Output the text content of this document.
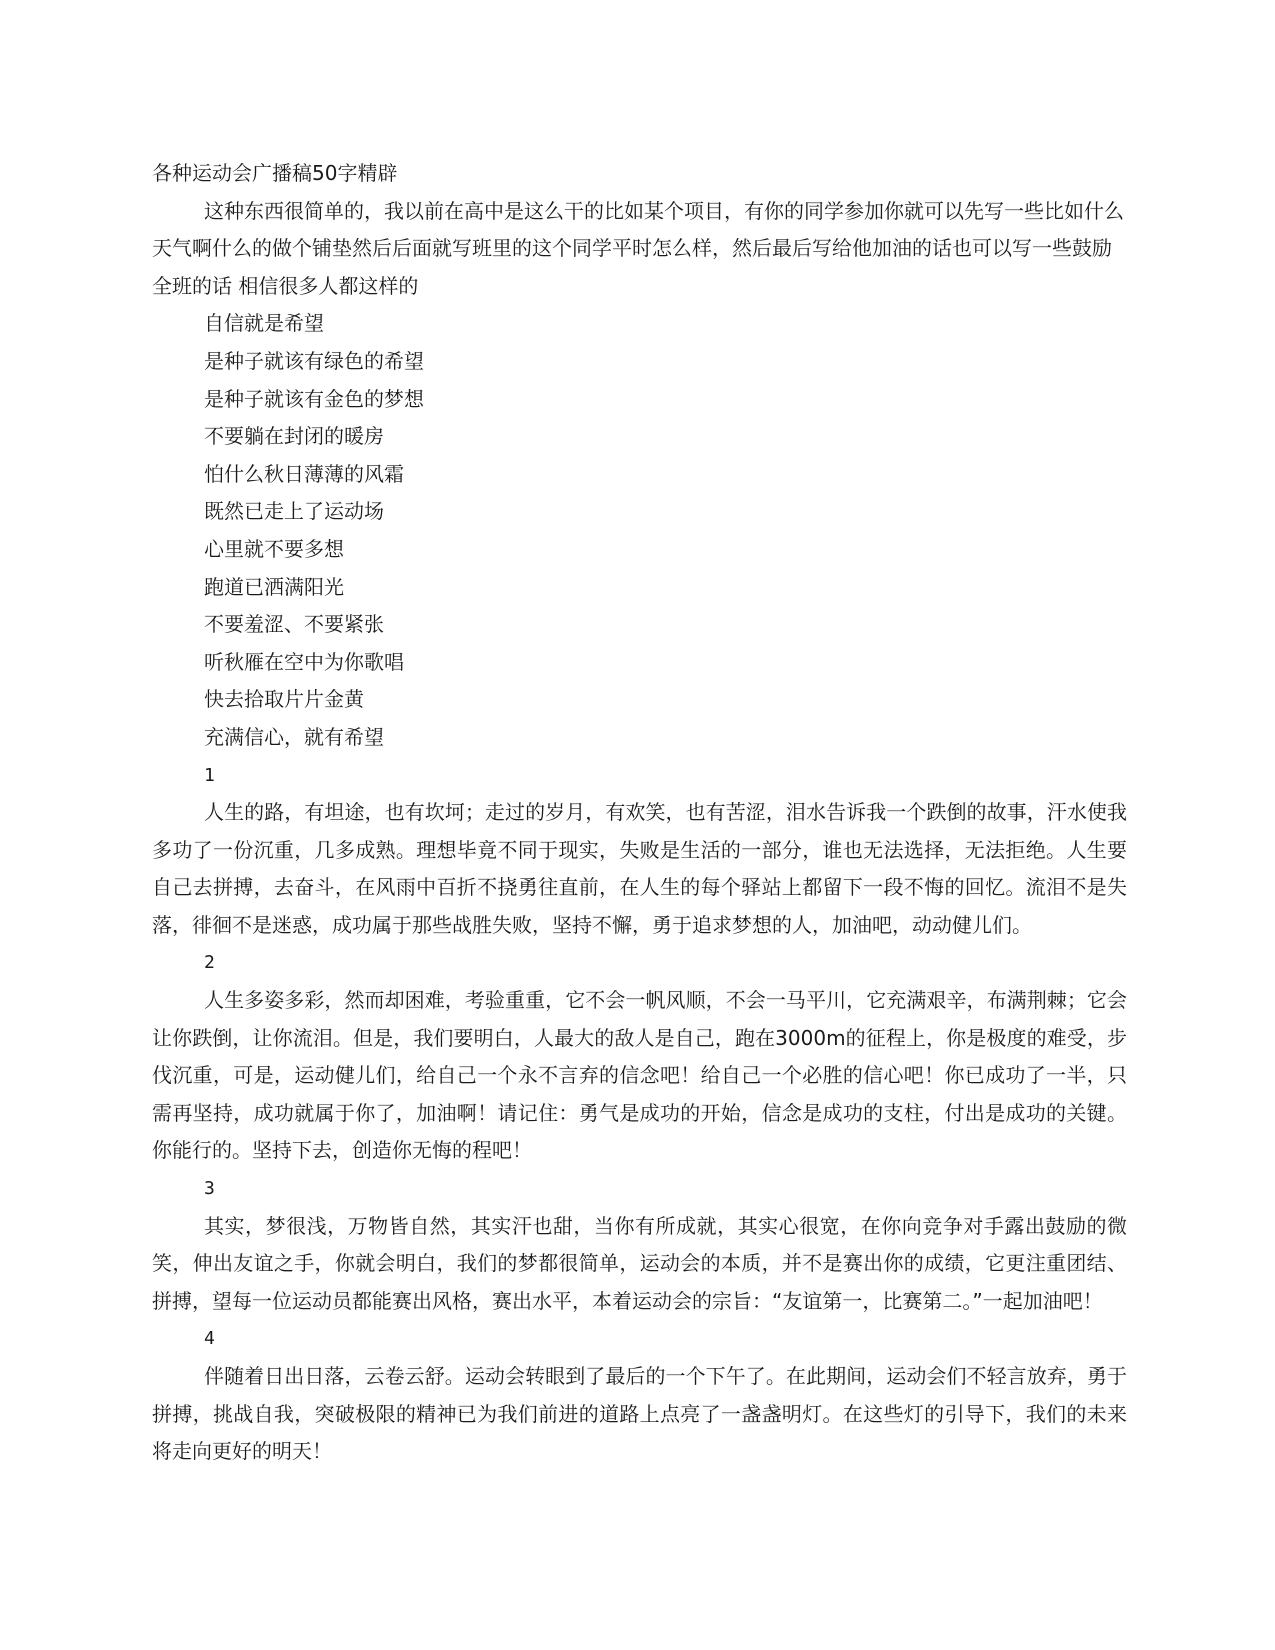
各种运动会广播稿50字精辟

这种东西很简单的，我以前在高中是这么干的比如某个项目，有你的同学参加你就可以先写一些比如什么天气啊什么的做个铺垫然后后面就写班里的这个同学平时怎么样，然后最后写给他加油的话也可以写一些鼓励全班的话 相信很多人都这样的

自信就是希望
是种子就该有绿色的希望
是种子就该有金色的梦想
不要躺在封闭的暖房
怕什么秋日薄薄的风霜
既然已走上了运动场
心里就不要多想
跑道已洒满阳光
不要羞涩、不要紧张
听秋雁在空中为你歌唱
快去拾取片片金黄
充满信心，就有希望
1

人生的路，有坦途，也有坎坷；走过的岁月，有欢笑，也有苦涩，泪水告诉我一个跌倒的故事，汗水使我多功了一份沉重，几多成熟。理想毕竟不同于现实，失败是生活的一部分，谁也无法选择，无法拒绝。人生要自己去拼搏，去奋斗，在风雨中百折不挠勇往直前，在人生的每个驿站上都留下一段不悔的回忆。流泪不是失落，徘徊不是迷惑，成功属于那些战胜失败，坚持不懈，勇于追求梦想的人，加油吧，动动健儿们。

2

人生多姿多彩，然而却困难，考验重重，它不会一帆风顺，不会一马平川，它充满艰辛，布满荆棘；它会让你跌倒，让你流泪。但是，我们要明白，人最大的敌人是自己，跑在3000m的征程上，你是极度的难受，步伐沉重，可是，运动健儿们，给自己一个永不言弃的信念吧！给自己一个必胜的信心吧！你已成功了一半，只需再坚持，成功就属于你了，加油啊！请记住：勇气是成功的开始，信念是成功的支柱，付出是成功的关键。你能行的。坚持下去，创造你无悔的程吧！

3

其实，梦很浅，万物皆自然，其实汗也甜，当你有所成就，其实心很宽，在你向竞争对手露出鼓励的微笑，伸出友谊之手，你就会明白，我们的梦都很简单，运动会的本质，并不是赛出你的成绩，它更注重团结、拼搏，望每一位运动员都能赛出风格，赛出水平，本着运动会的宗旨：“友谊第一，比赛第二。”一起加油吧！

4

伴随着日出日落，云卷云舒。运动会转眼到了最后的一个下午了。在此期间，运动会们不轻言放弃，勇于拼搏，挑战自我，突破极限的精神已为我们前进的道路上点亮了一盏盏明灯。在这些灯的引导下，我们的未来将走向更好的明天！
